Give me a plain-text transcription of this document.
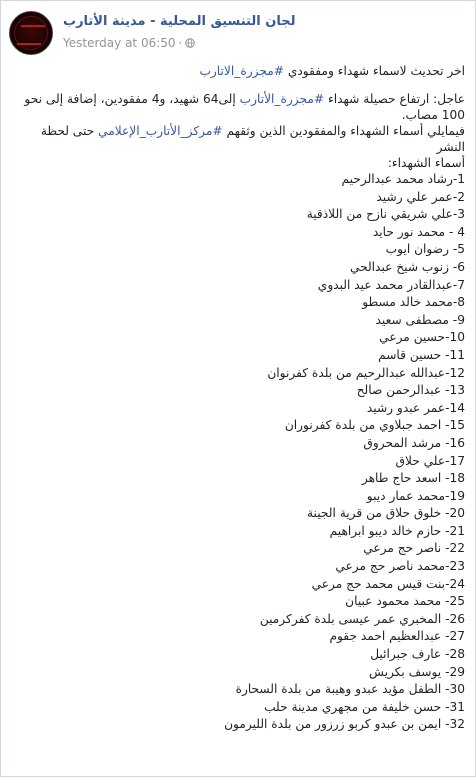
لجان التنسيق المحلية - مدينة الأتارب
Yesterday at 06:50 ·

اخر تحديث لاسماء شهداء ومفقودي #مجزرة_الاتارب

عاجل: ارتفاع حصيلة شهداء #مجزرة_الأتارب إلى64 شهيد، و4 مفقودين، إضافة إلى نحو 100 مصاب.

فيمايلي أسماء الشهداء والمفقودين الذين وثقهم #مركز_الأتارب_الإعلامي حتى لحظة النشر

أسماء الشهداء:

1-رشاد محمد عبدالرحيم
2-عمر علي رشيد
3-علي شريقي نازح من اللاذقية
4 - محمد نور حايد
5- رضوان ايوب
6- زنوب شيخ عبدالحي
7-عبدالقادر محمد عيد البدوي
8-محمد خالد مسطو
9- مصطفى سعيد
10-حسين مرعي
11- حسين قاسم
12-عبدالله عبدالرحيم من بلدة كفرنوان
13- عبدالرحمن صالح
14-عمر عبدو رشيد
15- احمد جبلاوي من بلدة كفرنوران
16- مرشد المحروق
17-علي حلاق
18- اسعد حاج طاهر
19-محمد عمار ديبو
20- خلوق حلاق من قرية الجينة
21- حازم خالد ديبو ابراهيم
22- ناصر حج مرعي
23-محمد ناصر حج مرعي
24-بنت قيس محمد حج مرعي
25- محمد محمود عبيان
26- المخبري عمر عيسى بلدة كفركرمين
27- عبدالعظيم احمد جقوم
28- عارف جبرائيل
29- يوسف بكريش
30- الطفل مؤيد عبدو وهيبة من بلدة السحارة
31- حسن خليفة من مجهري مدينة حلب
32- ايمن بن عبدو كربو زرزور من بلدة الليرمون
